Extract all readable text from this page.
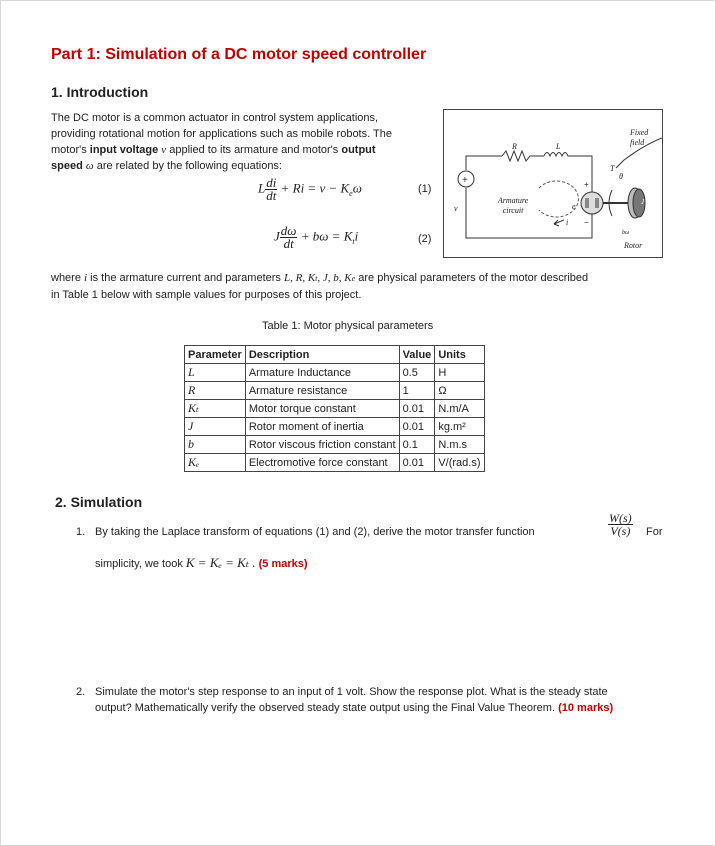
Part 1: Simulation of a DC motor speed controller
1. Introduction
The DC motor is a common actuator in control system applications,
providing rotational motion for applications such as mobile robots. The
motor's input voltage v applied to its armature and motor's output
speed ω are related by the following equations:
L $\frac{di}{dt} + Ri = v - K_e\omega$	(1)
J $\frac{d\omega}{dt} + b\omega = K_ti$	(2)
+
Fixed field
R	L
Armature circuit
v	e
i
+
−
T
θ
J
bω
Rotor
where i is the armature current and parameters L, R, Kt, J, b, Ke are physical parameters of the motor described
in Table 1 below with sample values for purposes of this project.
Table 1: Motor physical parameters
Parameter	Description	Value	Units
L	Armature Inductance	0.5	H
R	Armature resistance	1	Ω
Kₜ	Motor torque constant	0.01	N.m/A
J	Rotor moment of inertia	0.01	kg.m²
b	Rotor viscous friction constant	0.1	N.m.s
Kₑ	Electromotive force constant	0.01	V/(rad.s)
2. Simulation
1. By taking the Laplace transform of equations (1) and (2), derive the motor transfer function	$\frac{W(s)}{V(s)}$ For
simplicity, we took K = Kₑ = Kₜ . (5 marks)
2. Simulate the motor's step response to an input of 1 volt. Show the response plot. What is the steady state
output? Mathematically verify the observed steady state output using the Final Value Theorem. (10 marks)
